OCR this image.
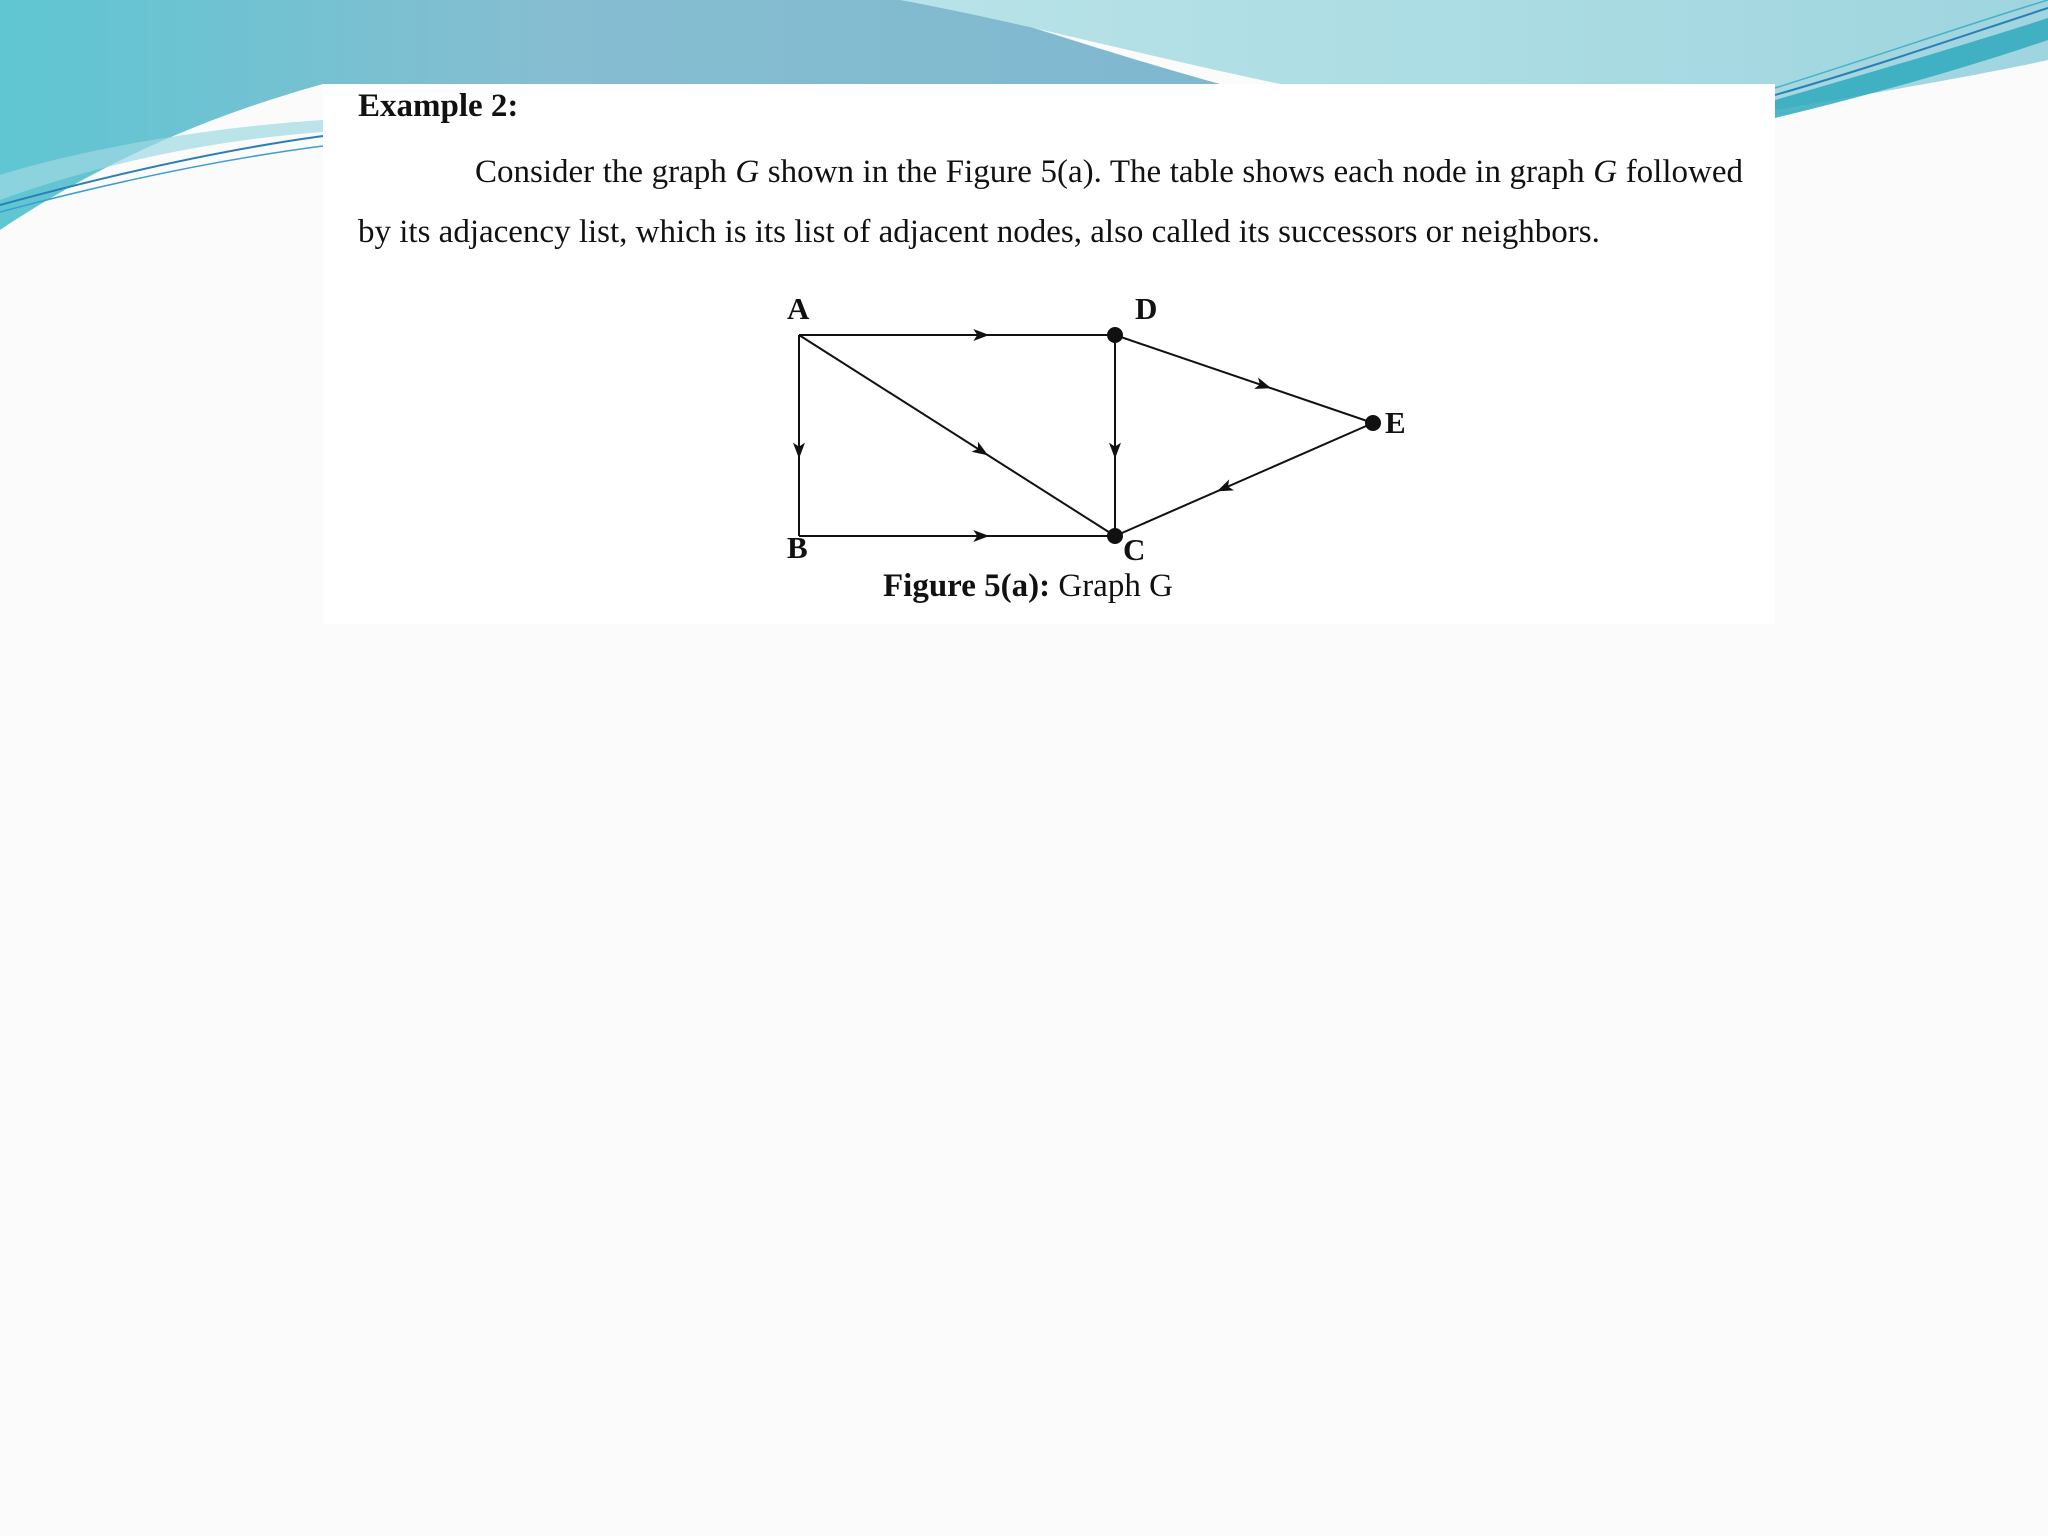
Example 2:
Consider the graph G shown in the Figure 5(a). The table shows each node in graph G followed by its adjacency list, which is its list of adjacent nodes, also called its successors or neighbors.
A
B	C
D
E
Figure 5(a): Graph G
